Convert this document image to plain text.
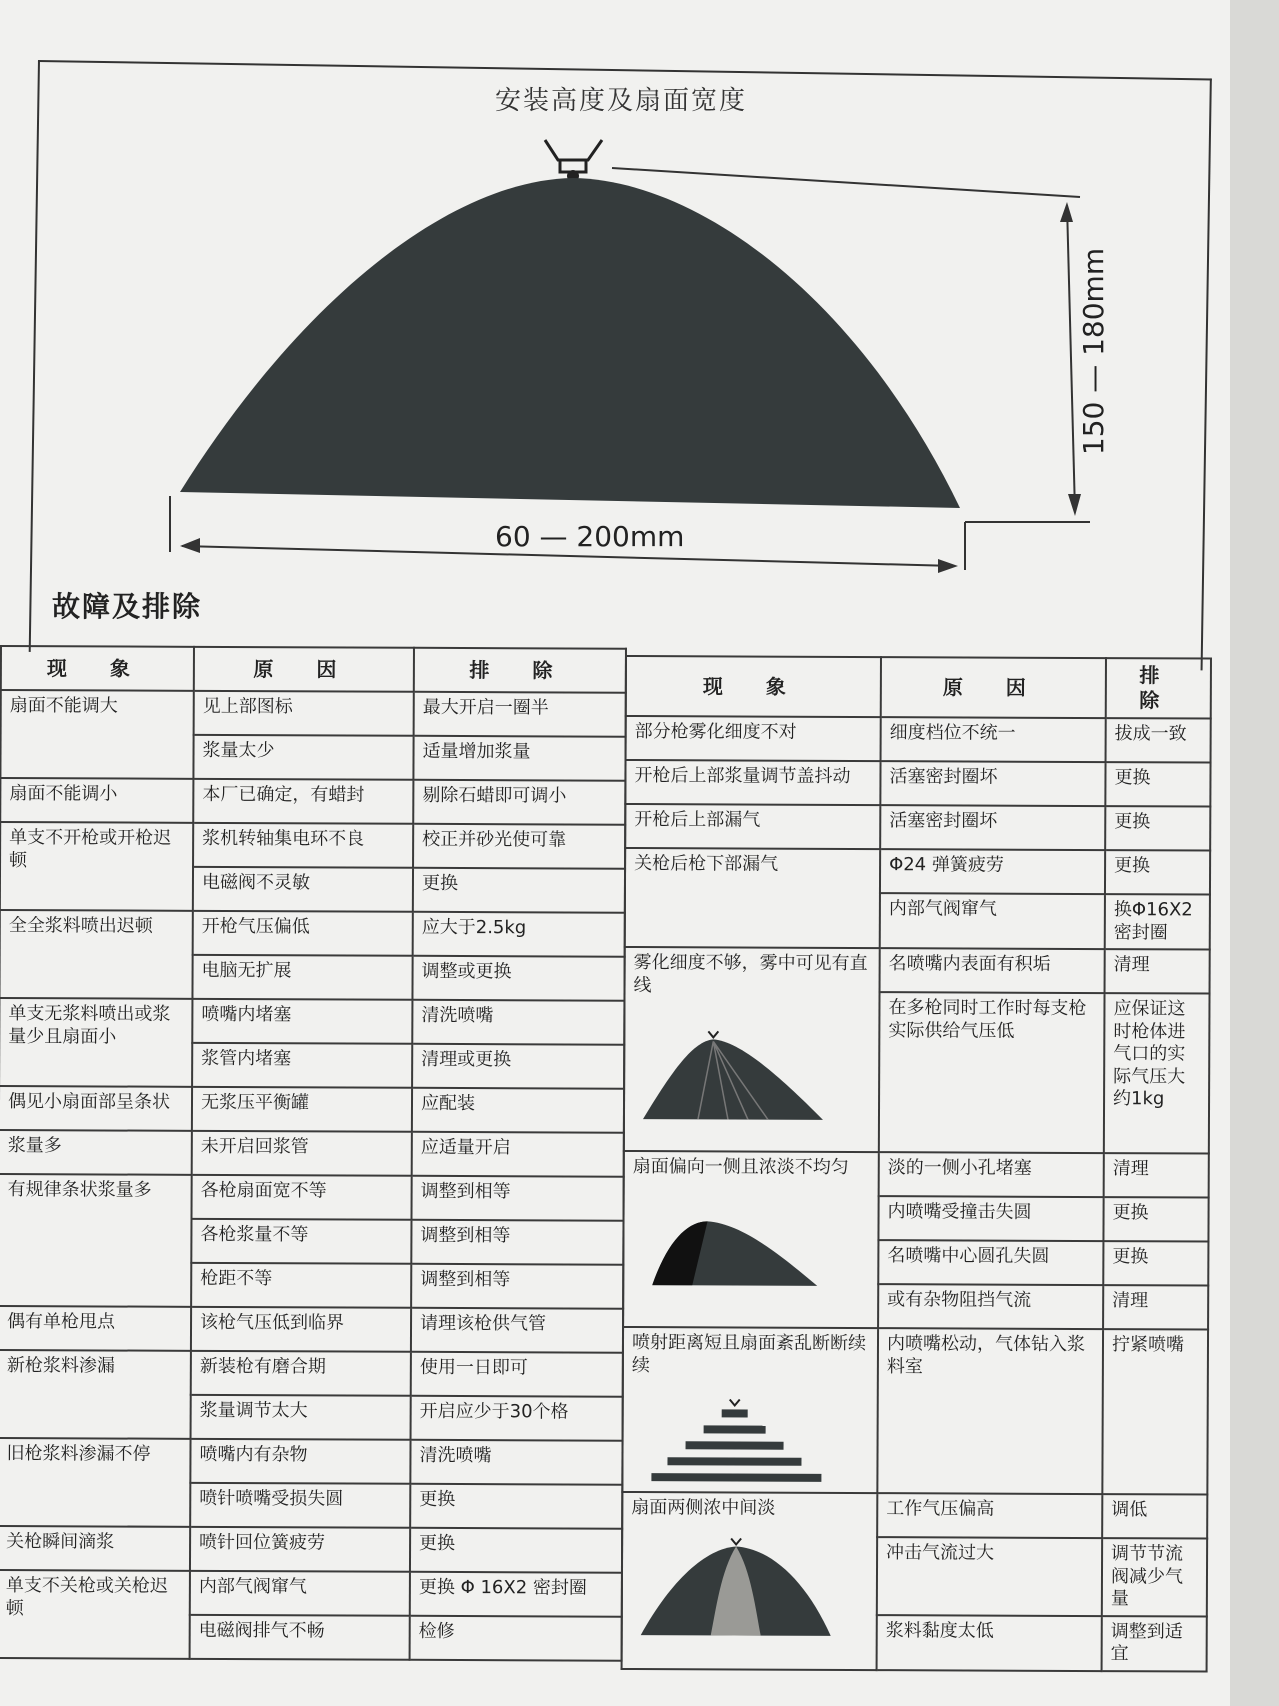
安装高度及扇面宽度
60 — 200mm
150 — 180mm
故障及排除
现 象	原 因	排 除
扇面不能调大	见上部图标	最大开启一圈半
	浆量太少	适量增加浆量
扇面不能调小	本厂已确定，有蜡封	剔除石蜡即可调小
单支不开枪或开枪迟顿	浆机转轴集电环不良	校正并砂光使可靠
	电磁阀不灵敏	更换
全全浆料喷出迟顿	开枪气压偏低	应大于2.5kg
	电脑无扩展	调整或更换
单支无浆料喷出或浆量少且扇面小	喷嘴内堵塞	清洗喷嘴
	浆管内堵塞	清理或更换
偶见小扇面部呈条状	无浆压平衡罐	应配装
浆量多	未开启回浆管	应适量开启
有规律条状浆量多	各枪扇面宽不等	调整到相等
	各枪浆量不等	调整到相等
	枪距不等	调整到相等
偶有单枪甩点	该枪气压低到临界	请理该枪供气管
新枪浆料渗漏	新装枪有磨合期	使用一日即可
	浆量调节太大	开启应少于30个格
旧枪浆料渗漏不停	喷嘴内有杂物	清洗喷嘴
	喷针喷嘴受损失圆	更换
关枪瞬间滴浆	喷针回位簧疲劳	更换
单支不关枪或关枪迟顿	内部气阀窜气	更换 Φ 16X2 密封圈
	电磁阀排气不畅	检修
现 象	原 因	排 除
部分枪雾化细度不对	细度档位不统一	拔成一致
开枪后上部浆量调节盖抖动	活塞密封圈坏	更换
开枪后上部漏气	活塞密封圈坏	更换
关枪后枪下部漏气	Φ24 弹簧疲劳	更换
	内部气阀窜气	换Φ16X2密封圈

雾化细度不够，雾中可见有直线	名喷嘴内表面有积垢	清理
	在多枪同时工作时每支枪实际供给气压低	应保证这时枪体进气口的实际气压大约1kg

扇面偏向一侧且浓淡不均匀	淡的一侧小孔堵塞	清理
	内喷嘴受撞击失圆	更换
	名喷嘴中心圆孔失圆	更换
	或有杂物阻挡气流	清理

喷射距离短且扇面紊乱断断续续	内喷嘴松动，气体钻入浆料室	拧紧喷嘴

扇面两侧浓中间淡	工作气压偏高	调低
	冲击气流过大	调节节流阀减少气量
	浆料黏度太低	调整到适宜
